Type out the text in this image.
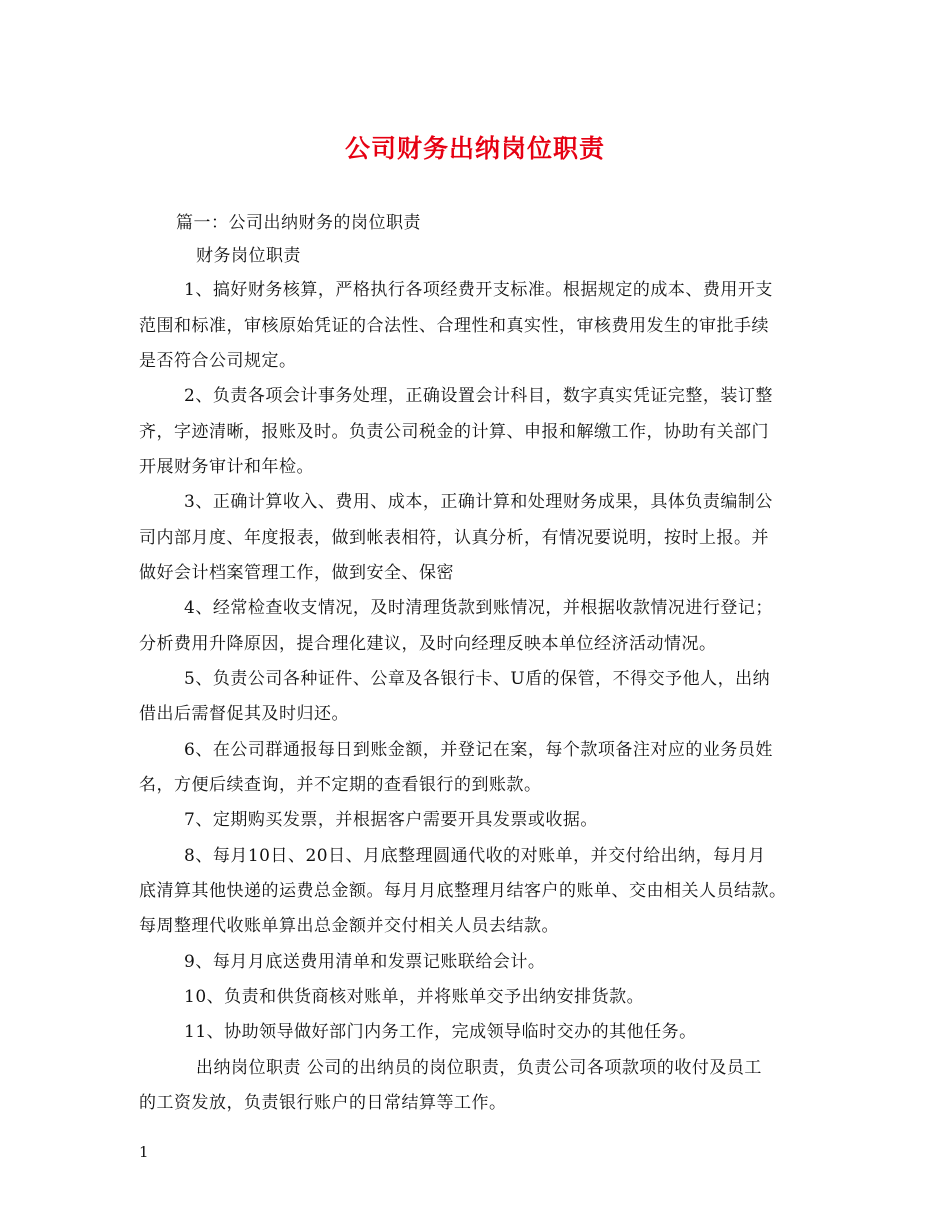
公司财务出纳岗位职责
篇一：公司出纳财务的岗位职责
财务岗位职责
1、搞好财务核算，严格执行各项经费开支标准。根据规定的成本、费用开支
范围和标准，审核原始凭证的合法性、合理性和真实性，审核费用发生的审批手续
是否符合公司规定。
2、负责各项会计事务处理，正确设置会计科目，数字真实凭证完整，装订整
齐，字迹清晰，报账及时。负责公司税金的计算、申报和解缴工作，协助有关部门
开展财务审计和年检。
3、正确计算收入、费用、成本，正确计算和处理财务成果，具体负责编制公
司内部月度、年度报表，做到帐表相符，认真分析，有情况要说明，按时上报。并
做好会计档案管理工作，做到安全、保密
4、经常检查收支情况，及时清理货款到账情况，并根据收款情况进行登记；
分析费用升降原因，提合理化建议，及时向经理反映本单位经济活动情况。
5、负责公司各种证件、公章及各银行卡、U盾的保管，不得交予他人，出纳
借出后需督促其及时归还。
6、在公司群通报每日到账金额，并登记在案，每个款项备注对应的业务员姓
名，方便后续查询，并不定期的查看银行的到账款。
7、定期购买发票，并根据客户需要开具发票或收据。
8、每月10日、20日、月底整理圆通代收的对账单，并交付给出纳，每月月
底清算其他快递的运费总金额。每月月底整理月结客户的账单、交由相关人员结款。
每周整理代收账单算出总金额并交付相关人员去结款。
9、每月月底送费用清单和发票记账联给会计。
10、负责和供货商核对账单，并将账单交予出纳安排货款。
11、协助领导做好部门内务工作，完成领导临时交办的其他任务。
出纳岗位职责 公司的出纳员的岗位职责，负责公司各项款项的收付及员工
的工资发放，负责银行账户的日常结算等工作。
1
